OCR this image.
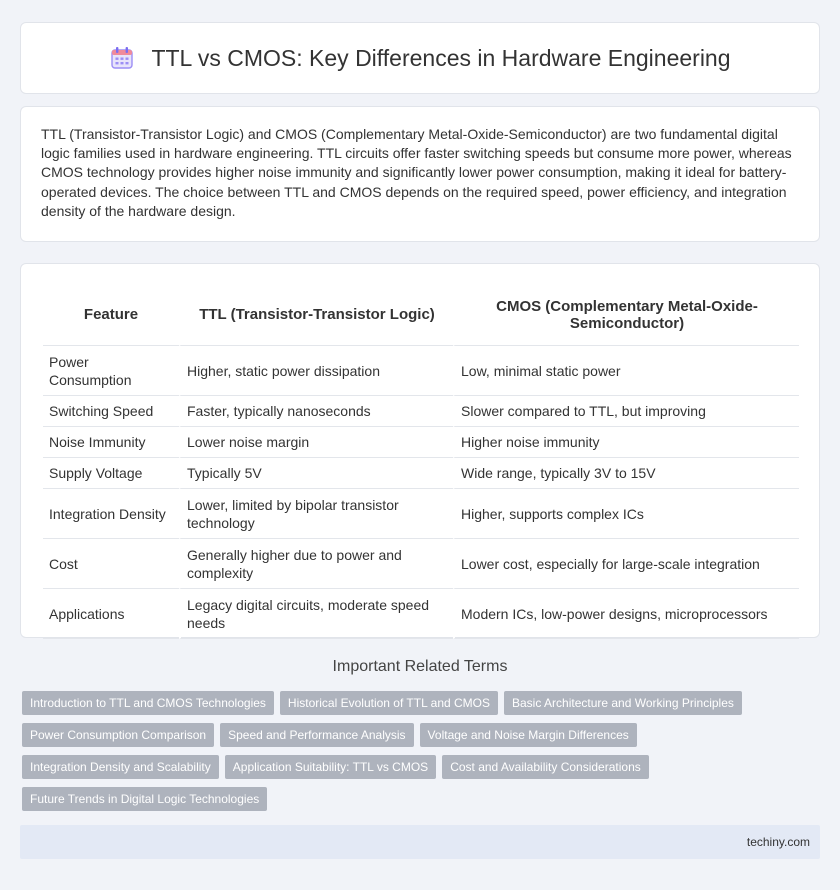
TTL vs CMOS: Key Differences in Hardware Engineering

TTL (Transistor-Transistor Logic) and CMOS (Complementary Metal-Oxide-Semiconductor) are two fundamental digital logic families used in hardware engineering. TTL circuits offer faster switching speeds but consume more power, whereas CMOS technology provides higher noise immunity and significantly lower power consumption, making it ideal for battery-operated devices. The choice between TTL and CMOS depends on the required speed, power efficiency, and integration density of the hardware design.

Feature	TTL (Transistor-Transistor Logic)	CMOS (Complementary Metal-Oxide-Semiconductor)
Power Consumption	Higher, static power dissipation	Low, minimal static power
Switching Speed	Faster, typically nanoseconds	Slower compared to TTL, but improving
Noise Immunity	Lower noise margin	Higher noise immunity
Supply Voltage	Typically 5V	Wide range, typically 3V to 15V
Integration Density	Lower, limited by bipolar transistor technology	Higher, supports complex ICs
Cost	Generally higher due to power and complexity	Lower cost, especially for large-scale integration
Applications	Legacy digital circuits, moderate speed needs	Modern ICs, low-power designs, microprocessors
Important Related Terms
Introduction to TTL and CMOS Technologies	Historical Evolution of TTL and CMOS	Basic Architecture and Working Principles
Power Consumption Comparison	Speed and Performance Analysis	Voltage and Noise Margin Differences
Integration Density and Scalability	Application Suitability: TTL vs CMOS	Cost and Availability Considerations
Future Trends in Digital Logic Technologies
techiny.com
